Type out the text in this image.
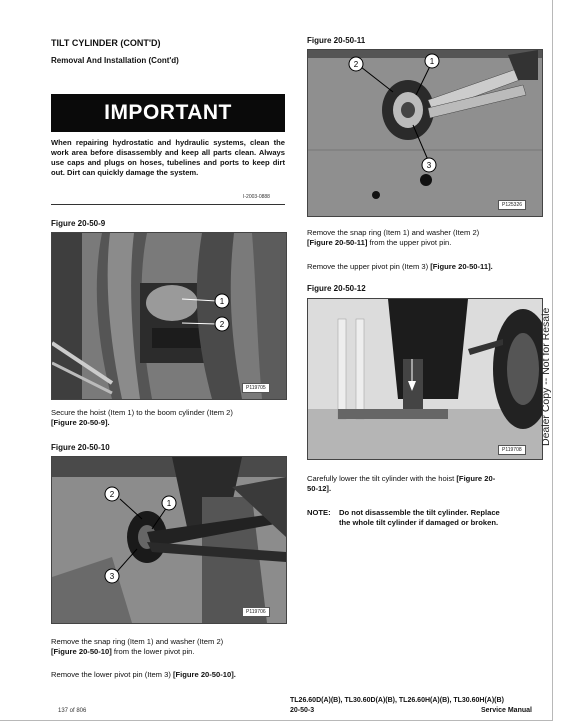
TILT CYLINDER (CONT'D)
Removal And Installation (Cont'd)
IMPORTANT
When repairing hydrostatic and hydraulic systems, clean the work area before disassembly and keep all parts clean. Always use caps and plugs on hoses, tubelines and ports to keep dirt out. Dirt can quickly damage the system.
I-2003-0888
Figure 20-50-9
1
2
P119705
Secure the hoist (Item 1) to the boom cylinder (Item 2)
[Figure 20-50-9].
Figure 20-50-10
2
1
3
P119706
Remove the snap ring (Item 1) and washer (Item 2)
[Figure 20-50-10] from the lower pivot pin.
Remove the lower pivot pin (Item 3) [Figure 20-50-10].
Figure 20-50-11
2	1
3
P125326
Remove the snap ring (Item 1) and washer (Item 2)
[Figure 20-50-11] from the upper pivot pin.
Remove the upper pivot pin (Item 3) [Figure 20-50-11].
Figure 20-50-12
P119708
Carefully lower the tilt cylinder with the hoist [Figure 20-
50-12].
NOTE: Do not disassemble the tilt cylinder. Replace
the whole tilt cylinder if damaged or broken.
Dealer Copy -- Not for Resale
137 of 806
TL26.60D(A)(B), TL30.60D(A)(B), TL26.60H(A)(B), TL30.60H(A)(B)
20-50-3	Service Manual
